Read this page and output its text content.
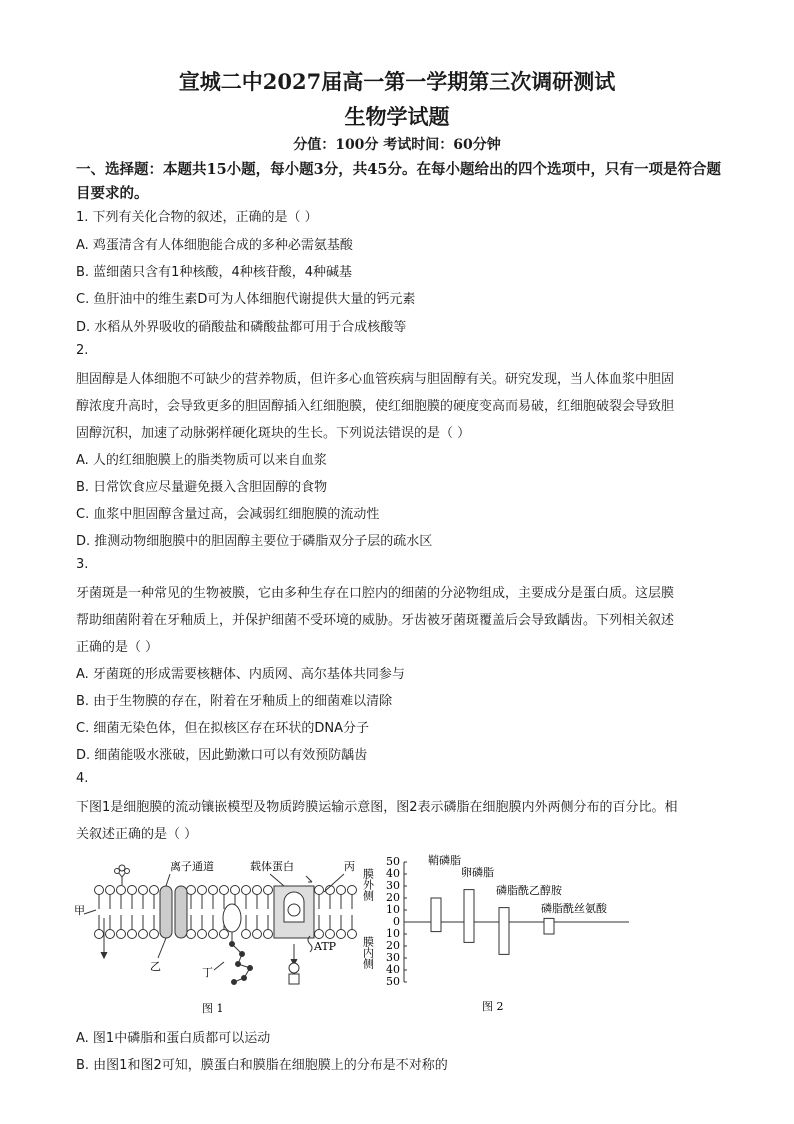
宣城二中2027届高一第一学期第三次调研测试
生物学试题
分值：100分 考试时间：60分钟
一、选择题：本题共15小题，每小题3分，共45分。在每小题给出的四个选项中，只有一项是符合题目要求的。
1. 下列有关化合物的叙述，正确的是（ ）
A. 鸡蛋清含有人体细胞能合成的多种必需氨基酸
B. 蓝细菌只含有1种核酸，4种核苷酸，4种碱基
C. 鱼肝油中的维生素D可为人体细胞代谢提供大量的钙元素
D. 水稻从外界吸收的硝酸盐和磷酸盐都可用于合成核酸等
2.
胆固醇是人体细胞不可缺少的营养物质，但许多心血管疾病与胆固醇有关。研究发现，当人体血浆中胆固
醇浓度升高时，会导致更多的胆固醇插入红细胞膜，使红细胞膜的硬度变高而易破，红细胞破裂会导致胆
固醇沉积，加速了动脉粥样硬化斑块的生长。下列说法错误的是（ ）
A. 人的红细胞膜上的脂类物质可以来自血浆
B. 日常饮食应尽量避免摄入含胆固醇的食物
C. 血浆中胆固醇含量过高，会减弱红细胞膜的流动性
D. 推测动物细胞膜中的胆固醇主要位于磷脂双分子层的疏水区
3.
牙菌斑是一种常见的生物被膜，它由多种生存在口腔内的细菌的分泌物组成，主要成分是蛋白质。这层膜
帮助细菌附着在牙釉质上，并保护细菌不受环境的威胁。牙齿被牙菌斑覆盖后会导致龋齿。下列相关叙述
正确的是（ ）
A. 牙菌斑的形成需要核糖体、内质网、高尔基体共同参与
B. 由于生物膜的存在，附着在牙釉质上的细菌难以清除
C. 细菌无染色体，但在拟核区存在环状的DNA分子
D. 细菌能吸水涨破，因此勤漱口可以有效预防龋齿
4.
下图1是细胞膜的流动镶嵌模型及物质跨膜运输示意图，图2表示磷脂在细胞膜内外两侧分布的百分比。相
关叙述正确的是（ ）
甲
乙
丙
丁
离子通道	载体蛋白
ATP
图 1
50
40
30
20
10
0
10
20
30
40
50
鞘磷脂
卵磷脂
磷脂酰乙醇胺
磷脂酰丝氨酸
膜外侧
膜内侧
图 2
A. 图1中磷脂和蛋白质都可以运动
B. 由图1和图2可知，膜蛋白和膜脂在细胞膜上的分布是不对称的
